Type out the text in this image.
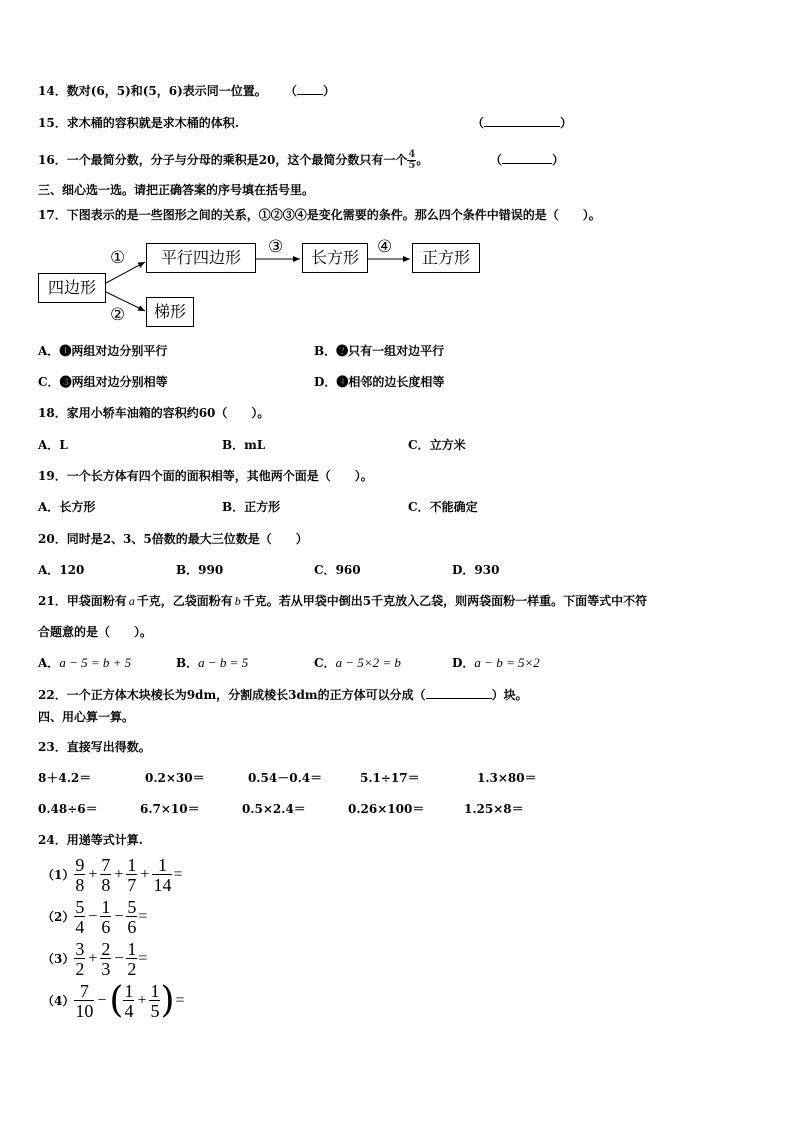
14．数对(6，5)和(5，6)表示同一位置。 （ ）
15．求木桶的容积就是求木桶的体积.	（	）
16．一个最简分数，分子与分母的乘积是20，这个最简分数只有一个 $\frac{4}{5}$ 。	（	）
三、细心选一选。请把正确答案的序号填在括号里。
17．下图表示的是一些图形之间的关系，①②③④是变化需要的条件。那么四个条件中错误的是（　　）。
四边形
平行四边形	长方形	正方形
梯形
①
②
③	④
A．❶两组对边分别平行	B．❷只有一组对边平行
C．❸两组对边分别相等	D．❹相邻的边长度相等
18．家用小轿车油箱的容积约60（　　）。
A．L	B．mL	C．立方米
19．一个长方体有四个面的面积相等，其他两个面是（　　）。
A．长方形	B．正方形	C．不能确定
20．同时是2、3、5倍数的最大三位数是（　　）
A．120	B．990	C．960	D．930
21．甲袋面粉有 a 千克，乙袋面粉有 b 千克。若从甲袋中倒出5千克放入乙袋，则两袋面粉一样重。下面等式中不符
合题意的是（　　）。
A．a − 5 = b + 5	B．a − b = 5	C．a − 5×2 = b	D．a − b = 5×2
22．一个正方体木块棱长为9dm，分割成棱长3dm的正方体可以分成（	）块。
四、用心算一算。
23．直接写出得数。
8＋4.2＝	0.2×30＝	0.54－0.4＝	5.1÷17＝	1.3×80＝
0.48÷6＝	6.7×10＝	0.5×2.4＝	0.26×100＝	1.25×8＝
24．用递等式计算.
$(1) \frac{9}{8} + \frac{7}{8} + \frac{1}{7} + \frac{1}{14}$ =
$(2) \frac{5}{4} - \frac{1}{6} - \frac{5}{6}$ =
$(3) \frac{3}{2} + \frac{2}{3} - \frac{1}{2}$ =
$(4) \frac{7}{10}$ −( $\frac{1}{4} + \frac{1}{5}$ )=
